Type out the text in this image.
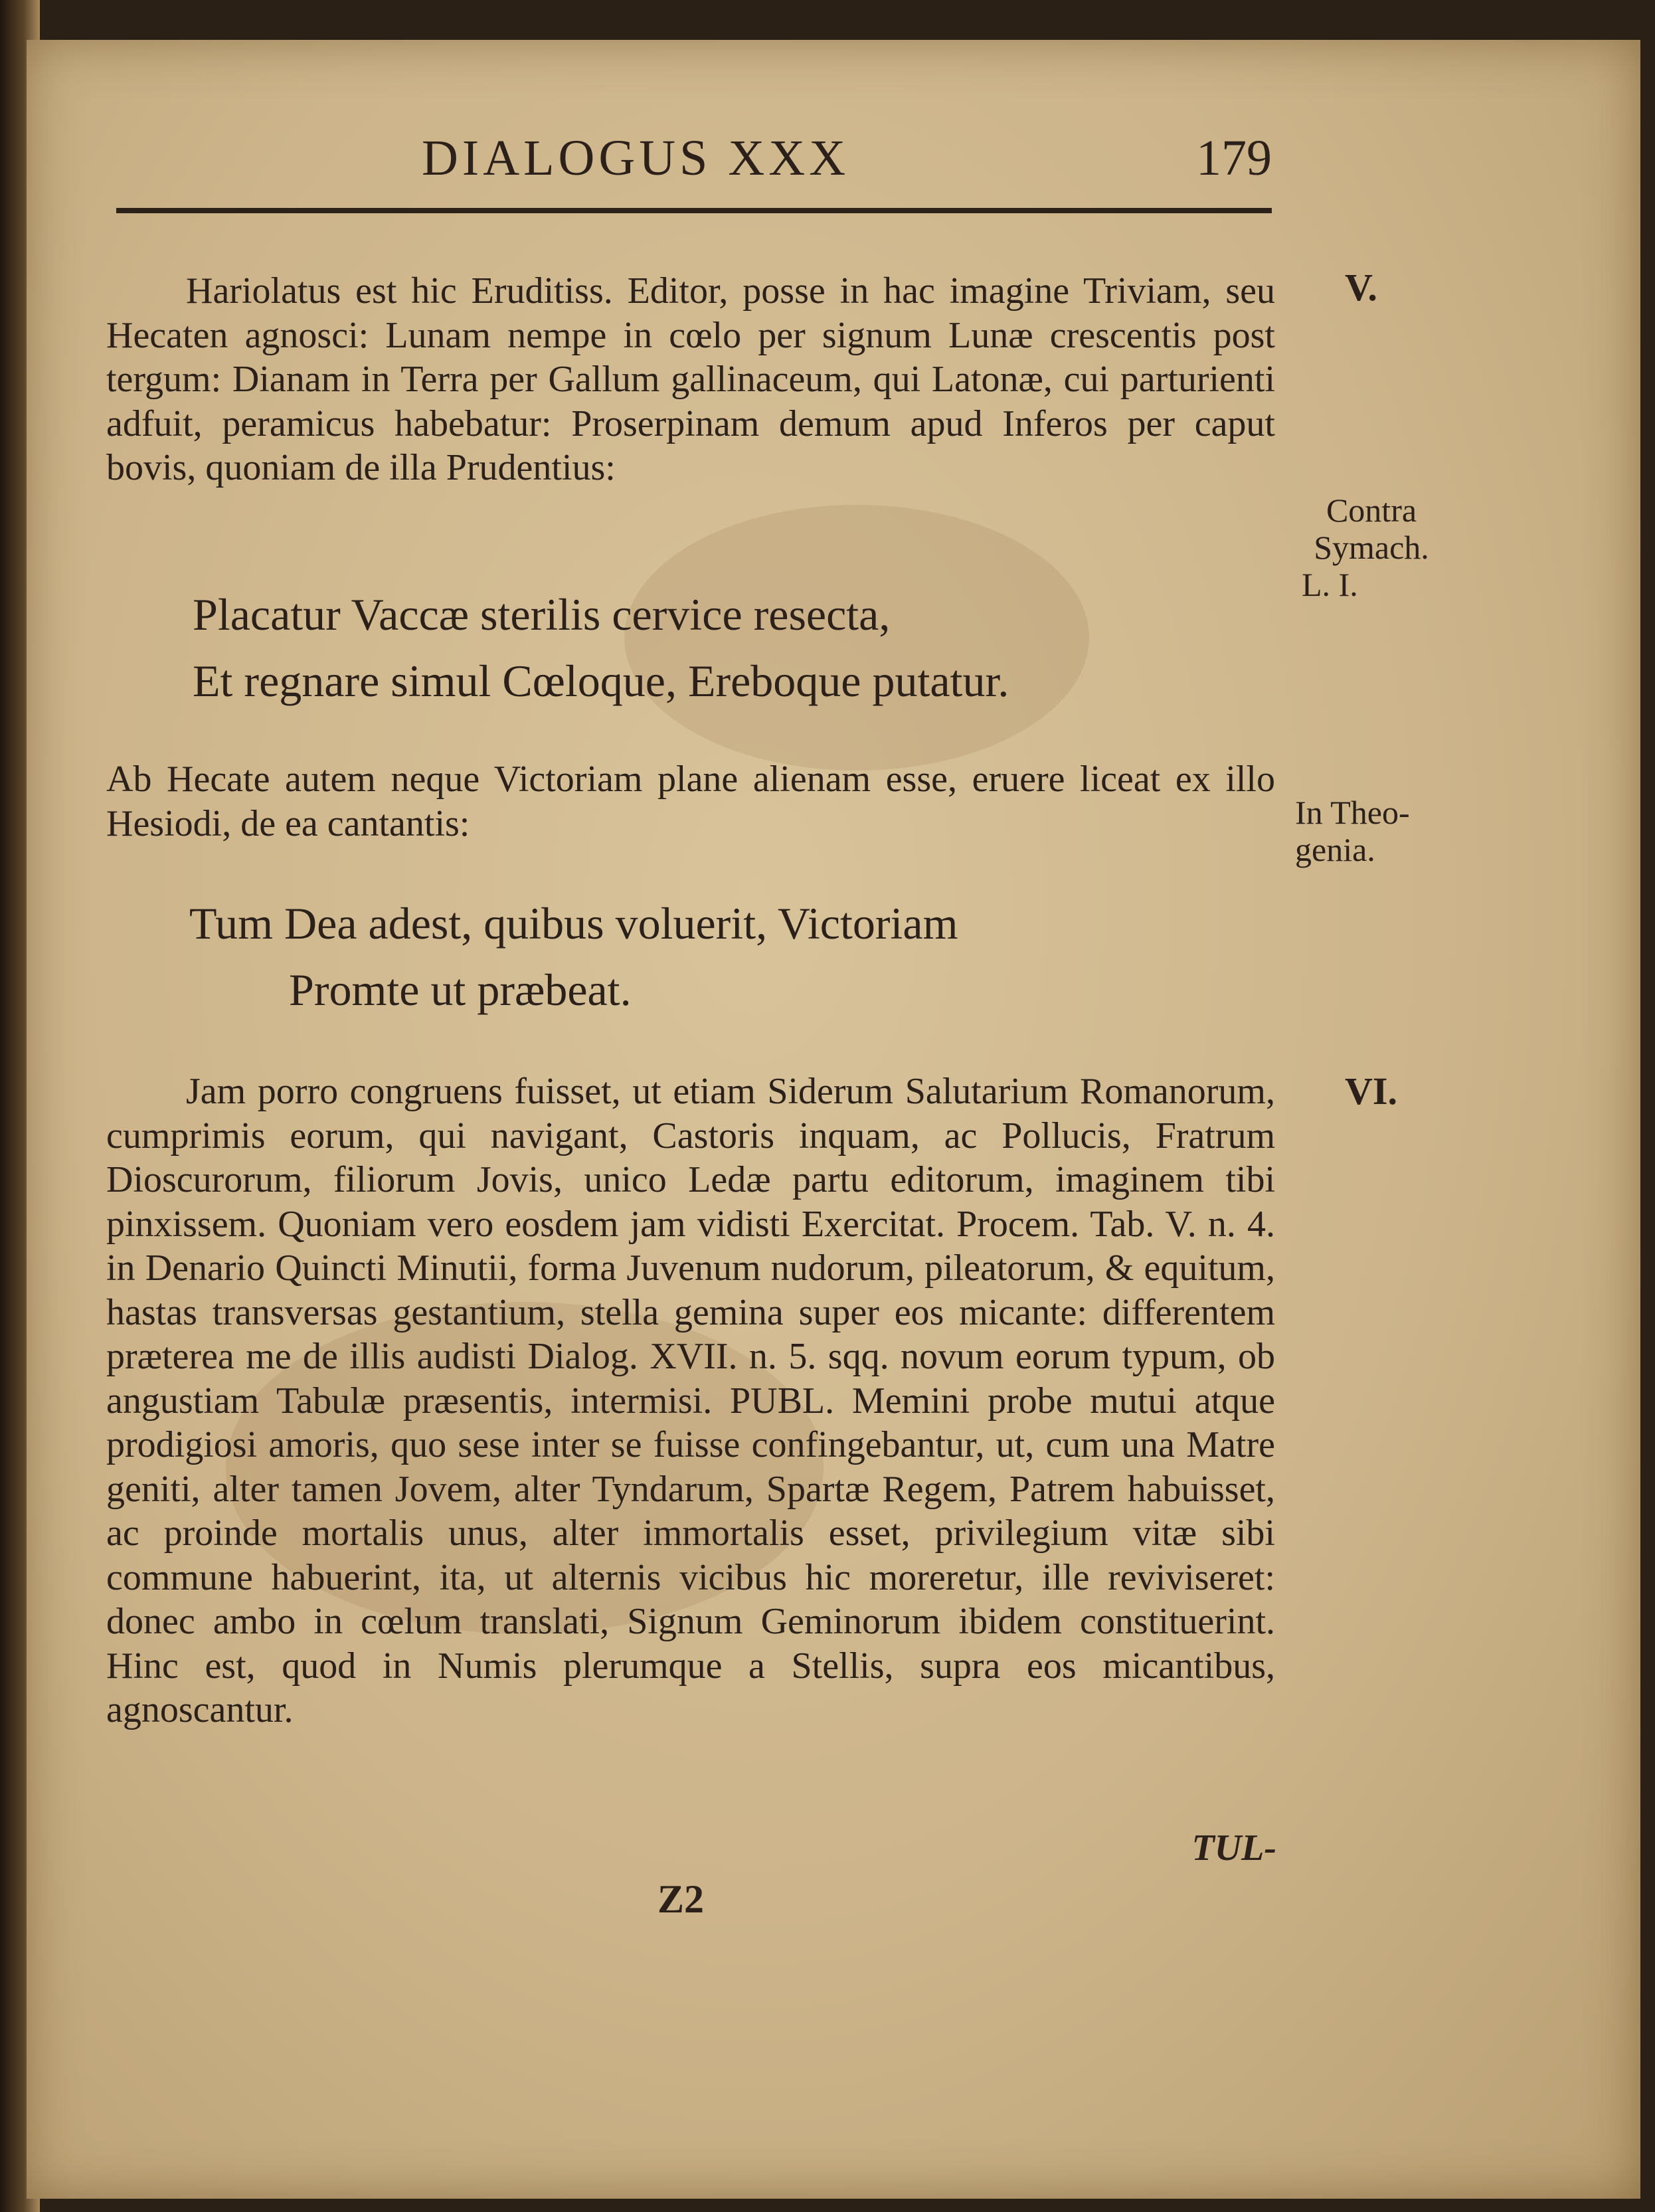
DIALOGUS XXX	179

Hariolatus est hic Eruditiss. Editor, posse in hac imagine Triviam, seu Hecaten agnosci: Lunam nempe in cœlo per signum Lunæ crescentis post tergum: Dianam in Terra per Gallum gallinaceum, qui Latonæ, cui parturienti adfuit, peramicus habebatur: Proserpinam demum apud Inferos per caput bovis, quoniam de illa Prudentius:

Placatur Vaccæ sterilis cervice resecta,
Et regnare simul Cœloque, Ereboque putatur.

Ab Hecate autem neque Victoriam plane alienam esse, eruere liceat ex illo Hesiodi, de ea cantantis:

Tum Dea adest, quibus voluerit, Victoriam
Promte ut præbeat.

Jam porro congruens fuisset, ut etiam Siderum Salutarium Romanorum, cumprimis eorum, qui navigant, Castoris inquam, ac Pollucis, Fratrum Dioscurorum, filiorum Jovis, unico Ledæ partu editorum, imaginem tibi pinxissem. Quoniam vero eosdem jam vidisti Exercitat. Procem. Tab. V. n. 4. in Denario Quincti Minutii, forma Juvenum nudorum, pileatorum, & equitum, hastas transversas gestantium, stella gemina super eos micante: differentem præterea me de illis audisti Dialog. XVII. n. 5. sqq. novum eorum typum, ob angustiam Tabulæ præsentis, intermisi. PUBL. Memini probe mutui atque prodigiosi amoris, quo sese inter se fuisse confingebantur, ut, cum una Matre geniti, alter tamen Jovem, alter Tyndarum, Spartæ Regem, Patrem habuisset, ac proinde mortalis unus, alter immortalis esset, privilegium vitæ sibi commune habuerint, ita, ut alternis vicibus hic moreretur, ille reviviseret: donec ambo in cœlum translati, Signum Geminorum ibidem constituerint. Hinc est, quod in Numis plerumque a Stellis, supra eos micantibus, agnoscantur.

V.
Contra
Symach.
L. I.
In Theo-
genia.
VI.
TUL-
Z2
